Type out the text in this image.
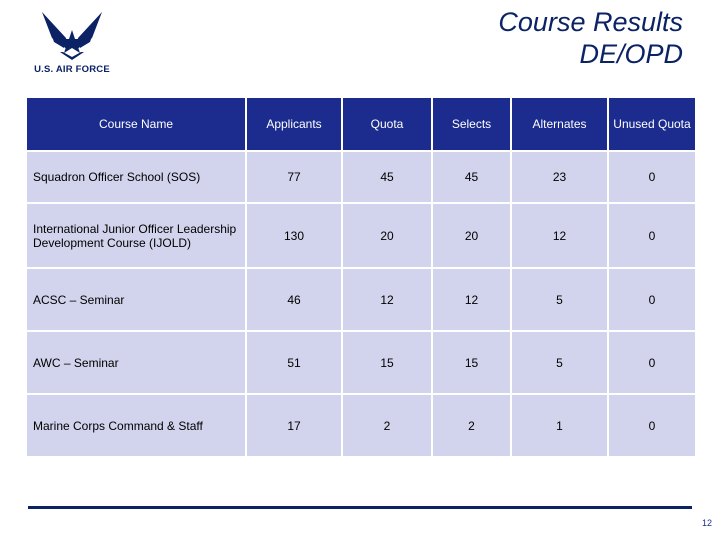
U.S. AIR FORCE
Course Results
DE/OPD
Course Name	Applicants	Quota	Selects	Alternates	Unused Quota
Squadron Officer School (SOS)	77	45	45	23	0
International Junior Officer Leadership Development Course (IJOLD)	130	20	20	12	0
ACSC – Seminar	46	12	12	5	0
AWC – Seminar	51	15	15	5	0
Marine Corps Command & Staff	17	2	2	1	0
12
